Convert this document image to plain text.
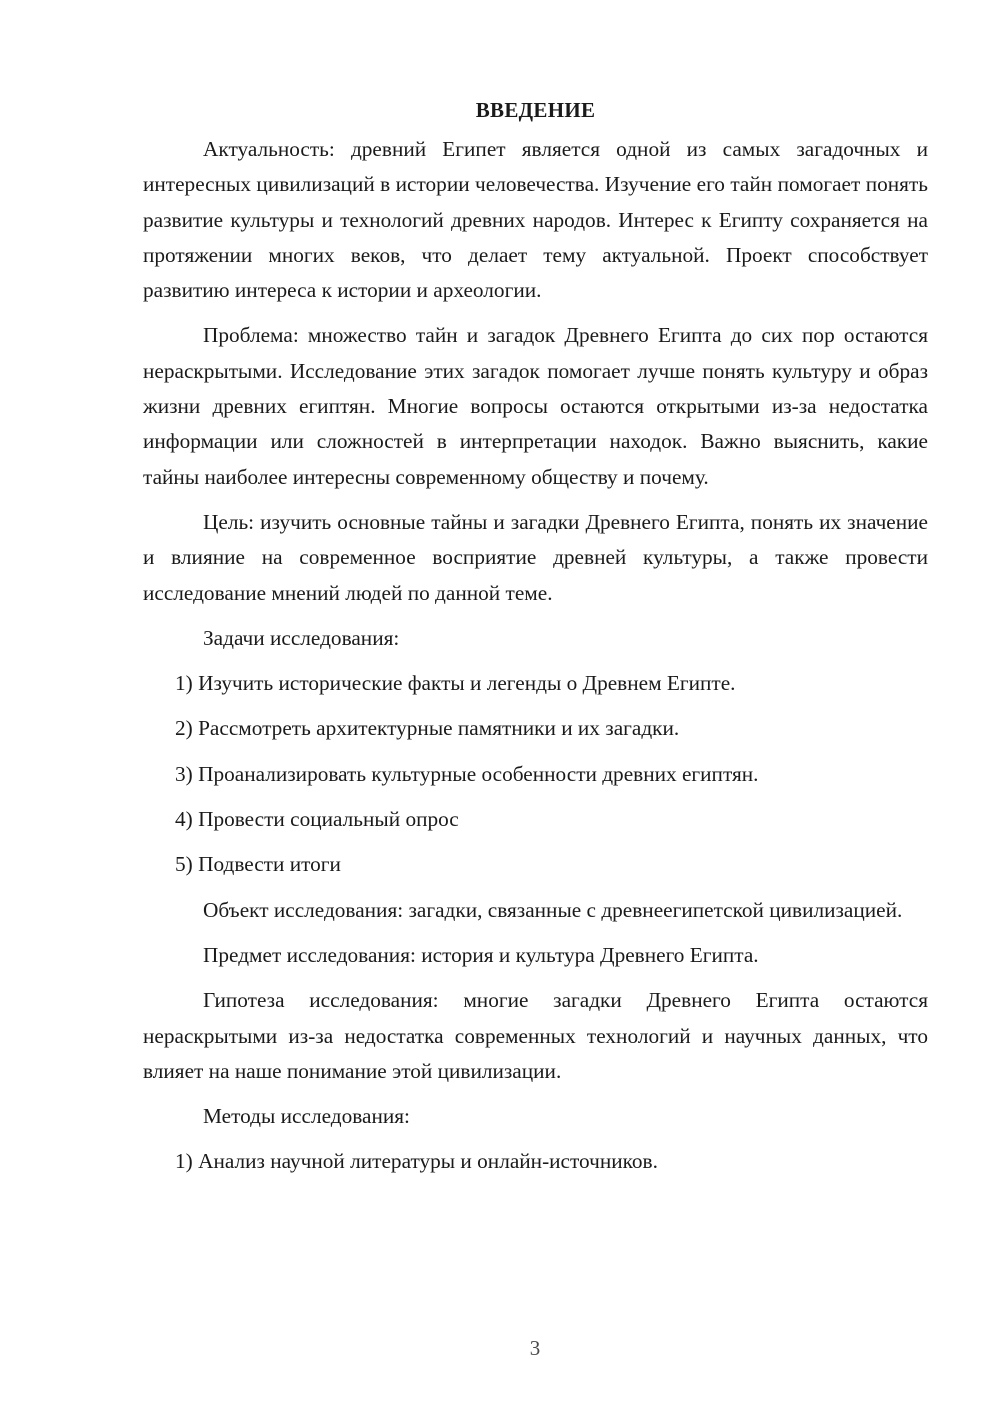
ВВЕДЕНИЕ

Актуальность: древний Египет является одной из самых загадочных и интересных цивилизаций в истории человечества. Изучение его тайн помогает понять развитие культуры и технологий древних народов. Интерес к Египту сохраняется на протяжении многих веков, что делает тему актуальной. Проект способствует развитию интереса к истории и археологии.

Проблема: множество тайн и загадок Древнего Египта до сих пор остаются нераскрытыми. Исследование этих загадок помогает лучше понять культуру и образ жизни древних египтян. Многие вопросы остаются открытыми из-за недостатка информации или сложностей в интерпретации находок. Важно выяснить, какие тайны наиболее интересны современному обществу и почему.

Цель: изучить основные тайны и загадки Древнего Египта, понять их значение и влияние на современное восприятие древней культуры, а также провести исследование мнений людей по данной теме.

Задачи исследования:

1) Изучить исторические факты и легенды о Древнем Египте.

2) Рассмотреть архитектурные памятники и их загадки.

3) Проанализировать культурные особенности древних египтян.

4) Провести социальный опрос

5) Подвести итоги

Объект исследования: загадки, связанные с древнеегипетской цивилизацией.

Предмет исследования: история и культура Древнего Египта.

Гипотеза исследования: многие загадки Древнего Египта остаются нераскрытыми из-за недостатка современных технологий и научных данных, что влияет на наше понимание этой цивилизации.

Методы исследования:

1) Анализ научной литературы и онлайн-источников.

3
